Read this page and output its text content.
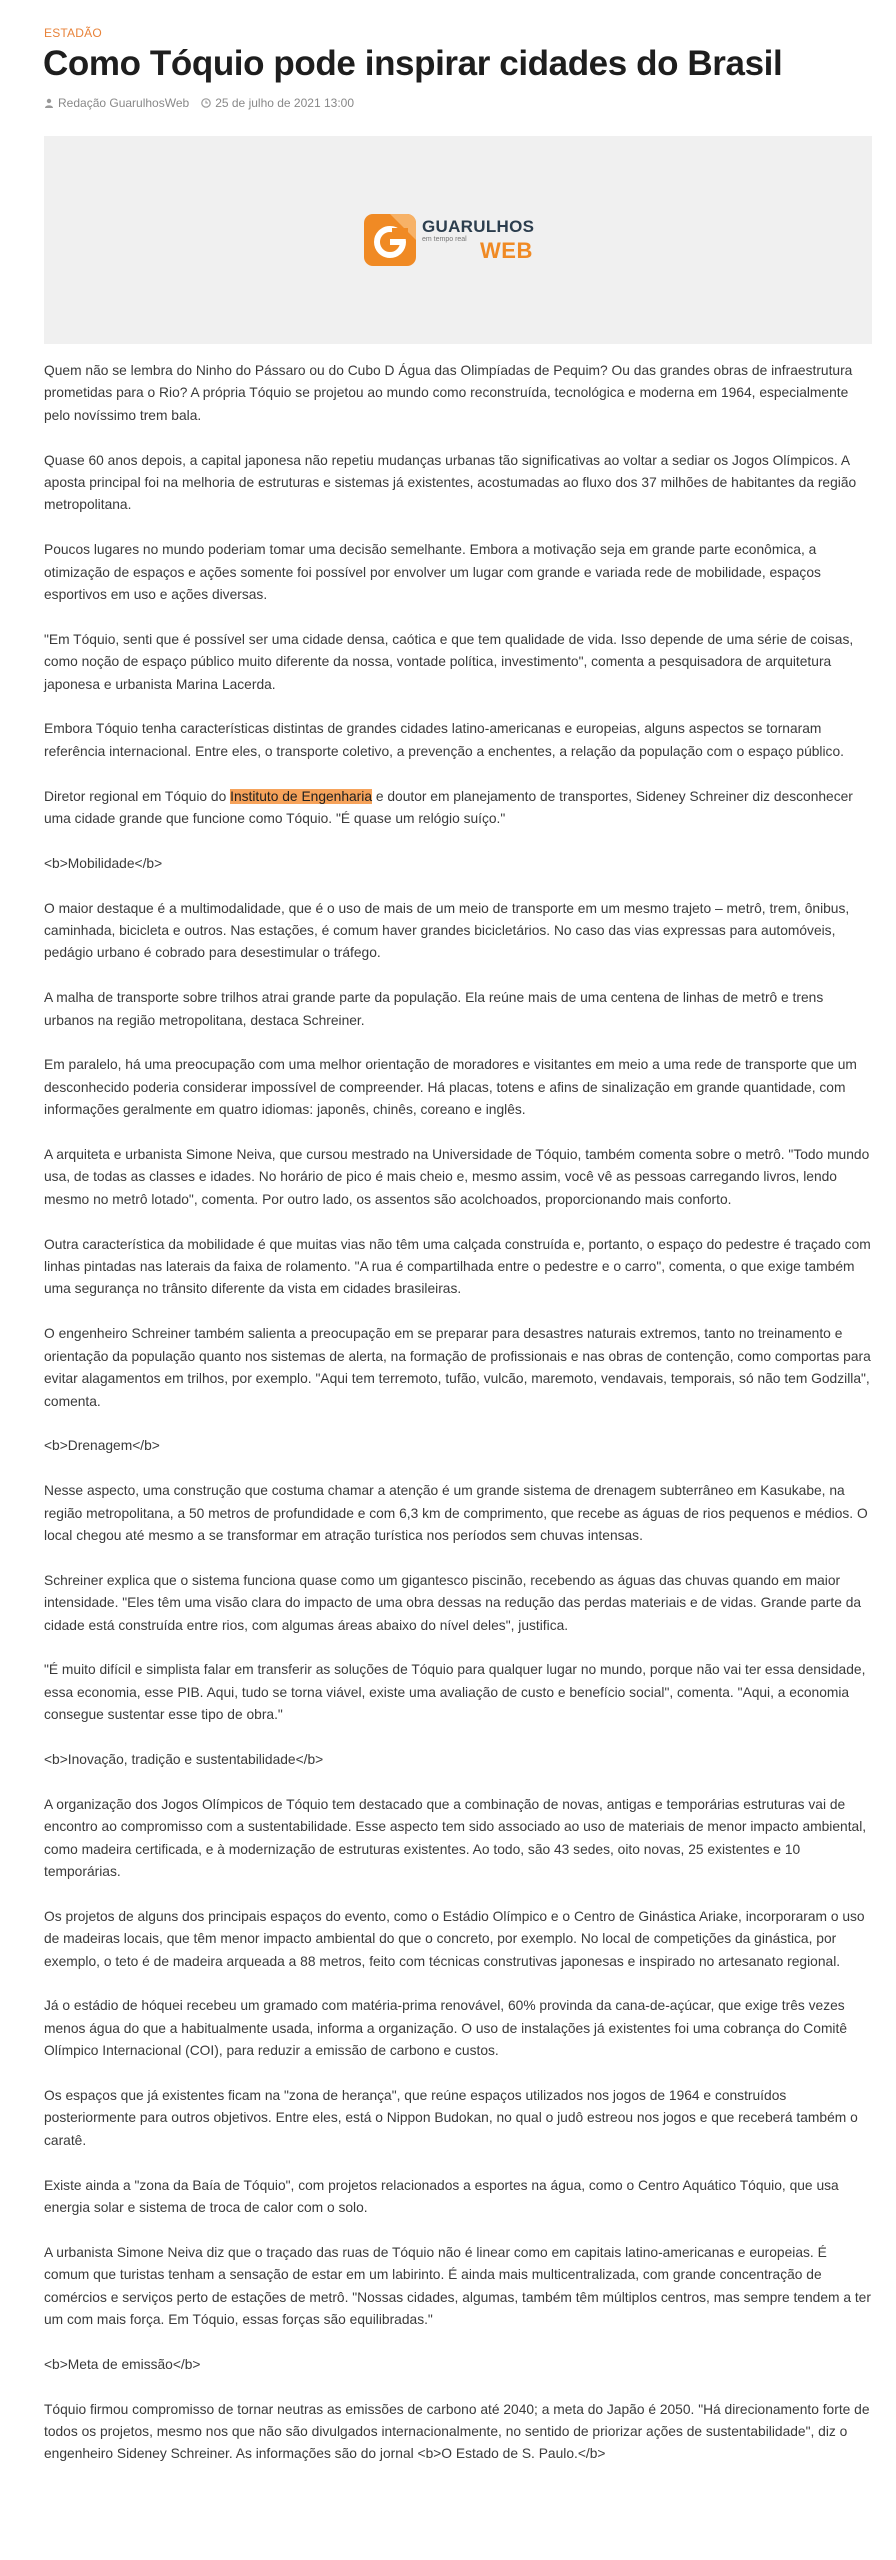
ESTADÃO
Como Tóquio pode inspirar cidades do Brasil
Redação GuarulhosWeb 25 de julho de 2021 13:00
GUARULHOS
em tempo real WEB

Quem não se lembra do Ninho do Pássaro ou do Cubo D Água das Olimpíadas de Pequim? Ou das grandes obras de infraestrutura prometidas para o Rio? A própria Tóquio se projetou ao mundo como reconstruída, tecnológica e moderna em 1964, especialmente pelo novíssimo trem bala.

Quase 60 anos depois, a capital japonesa não repetiu mudanças urbanas tão significativas ao voltar a sediar os Jogos Olímpicos. A aposta principal foi na melhoria de estruturas e sistemas já existentes, acostumadas ao fluxo dos 37 milhões de habitantes da região metropolitana.

Poucos lugares no mundo poderiam tomar uma decisão semelhante. Embora a motivação seja em grande parte econômica, a otimização de espaços e ações somente foi possível por envolver um lugar com grande e variada rede de mobilidade, espaços esportivos em uso e ações diversas.

"Em Tóquio, senti que é possível ser uma cidade densa, caótica e que tem qualidade de vida. Isso depende de uma série de coisas, como noção de espaço público muito diferente da nossa, vontade política, investimento", comenta a pesquisadora de arquitetura japonesa e urbanista Marina Lacerda.

Embora Tóquio tenha características distintas de grandes cidades latino-americanas e europeias, alguns aspectos se tornaram referência internacional. Entre eles, o transporte coletivo, a prevenção a enchentes, a relação da população com o espaço público.

Diretor regional em Tóquio do Instituto de Engenharia e doutor em planejamento de transportes, Sideney Schreiner diz desconhecer uma cidade grande que funcione como Tóquio. "É quase um relógio suíço."

<b>Mobilidade</b>

O maior destaque é a multimodalidade, que é o uso de mais de um meio de transporte em um mesmo trajeto – metrô, trem, ônibus, caminhada, bicicleta e outros. Nas estações, é comum haver grandes bicicletários. No caso das vias expressas para automóveis, pedágio urbano é cobrado para desestimular o tráfego.

A malha de transporte sobre trilhos atrai grande parte da população. Ela reúne mais de uma centena de linhas de metrô e trens urbanos na região metropolitana, destaca Schreiner.

Em paralelo, há uma preocupação com uma melhor orientação de moradores e visitantes em meio a uma rede de transporte que um desconhecido poderia considerar impossível de compreender. Há placas, totens e afins de sinalização em grande quantidade, com informações geralmente em quatro idiomas: japonês, chinês, coreano e inglês.

A arquiteta e urbanista Simone Neiva, que cursou mestrado na Universidade de Tóquio, também comenta sobre o metrô. "Todo mundo usa, de todas as classes e idades. No horário de pico é mais cheio e, mesmo assim, você vê as pessoas carregando livros, lendo mesmo no metrô lotado", comenta. Por outro lado, os assentos são acolchoados, proporcionando mais conforto.

Outra característica da mobilidade é que muitas vias não têm uma calçada construída e, portanto, o espaço do pedestre é traçado com linhas pintadas nas laterais da faixa de rolamento. "A rua é compartilhada entre o pedestre e o carro", comenta, o que exige também uma segurança no trânsito diferente da vista em cidades brasileiras.

O engenheiro Schreiner também salienta a preocupação em se preparar para desastres naturais extremos, tanto no treinamento e orientação da população quanto nos sistemas de alerta, na formação de profissionais e nas obras de contenção, como comportas para evitar alagamentos em trilhos, por exemplo. "Aqui tem terremoto, tufão, vulcão, maremoto, vendavais, temporais, só não tem Godzilla", comenta.

<b>Drenagem</b>

Nesse aspecto, uma construção que costuma chamar a atenção é um grande sistema de drenagem subterrâneo em Kasukabe, na região metropolitana, a 50 metros de profundidade e com 6,3 km de comprimento, que recebe as águas de rios pequenos e médios. O local chegou até mesmo a se transformar em atração turística nos períodos sem chuvas intensas.

Schreiner explica que o sistema funciona quase como um gigantesco piscinão, recebendo as águas das chuvas quando em maior intensidade. "Eles têm uma visão clara do impacto de uma obra dessas na redução das perdas materiais e de vidas. Grande parte da cidade está construída entre rios, com algumas áreas abaixo do nível deles", justifica.

"É muito difícil e simplista falar em transferir as soluções de Tóquio para qualquer lugar no mundo, porque não vai ter essa densidade, essa economia, esse PIB. Aqui, tudo se torna viável, existe uma avaliação de custo e benefício social", comenta. "Aqui, a economia consegue sustentar esse tipo de obra."

<b>Inovação, tradição e sustentabilidade</b>

A organização dos Jogos Olímpicos de Tóquio tem destacado que a combinação de novas, antigas e temporárias estruturas vai de encontro ao compromisso com a sustentabilidade. Esse aspecto tem sido associado ao uso de materiais de menor impacto ambiental, como madeira certificada, e à modernização de estruturas existentes. Ao todo, são 43 sedes, oito novas, 25 existentes e 10 temporárias.

Os projetos de alguns dos principais espaços do evento, como o Estádio Olímpico e o Centro de Ginástica Ariake, incorporaram o uso de madeiras locais, que têm menor impacto ambiental do que o concreto, por exemplo. No local de competições da ginástica, por exemplo, o teto é de madeira arqueada a 88 metros, feito com técnicas construtivas japonesas e inspirado no artesanato regional.

Já o estádio de hóquei recebeu um gramado com matéria-prima renovável, 60% provinda da cana-de-açúcar, que exige três vezes menos água do que a habitualmente usada, informa a organização. O uso de instalações já existentes foi uma cobrança do Comitê Olímpico Internacional (COI), para reduzir a emissão de carbono e custos.

Os espaços que já existentes ficam na "zona de herança", que reúne espaços utilizados nos jogos de 1964 e construídos posteriormente para outros objetivos. Entre eles, está o Nippon Budokan, no qual o judô estreou nos jogos e que receberá também o caratê.

Existe ainda a "zona da Baía de Tóquio", com projetos relacionados a esportes na água, como o Centro Aquático Tóquio, que usa energia solar e sistema de troca de calor com o solo.

A urbanista Simone Neiva diz que o traçado das ruas de Tóquio não é linear como em capitais latino-americanas e europeias. É comum que turistas tenham a sensação de estar em um labirinto. É ainda mais multicentralizada, com grande concentração de comércios e serviços perto de estações de metrô. "Nossas cidades, algumas, também têm múltiplos centros, mas sempre tendem a ter um com mais força. Em Tóquio, essas forças são equilibradas."

<b>Meta de emissão</b>

Tóquio firmou compromisso de tornar neutras as emissões de carbono até 2040; a meta do Japão é 2050. "Há direcionamento forte de todos os projetos, mesmo nos que não são divulgados internacionalmente, no sentido de priorizar ações de sustentabilidade", diz o engenheiro Sideney Schreiner. As informações são do jornal <b>O Estado de S. Paulo.</b>
